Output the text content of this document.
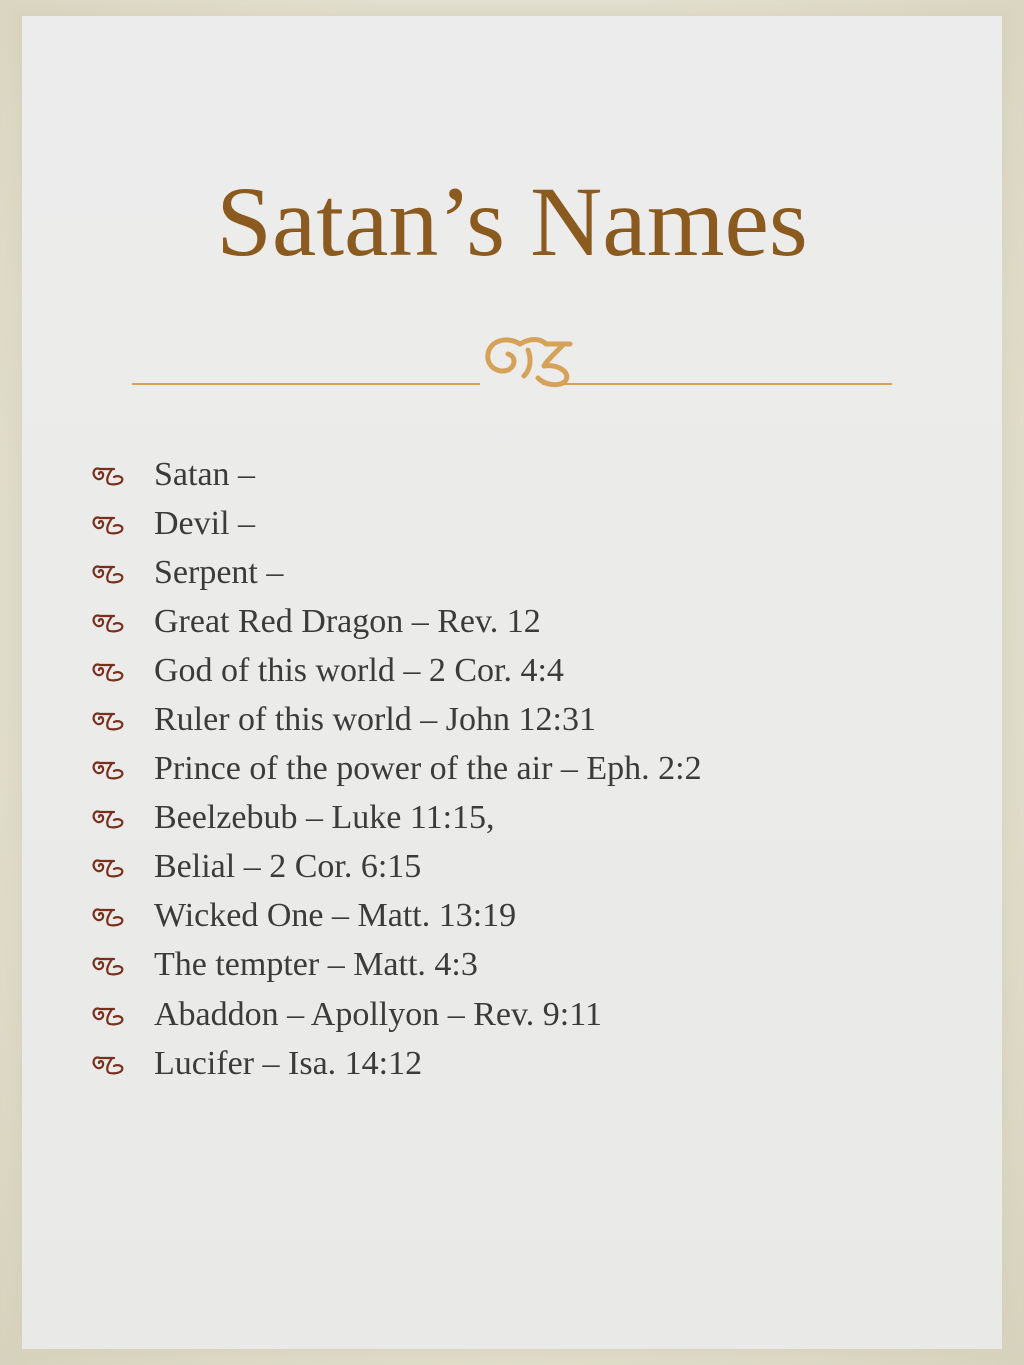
Satan’s Names
Satan –
Devil –
Serpent –
Great Red Dragon – Rev. 12
God of this world – 2 Cor. 4:4
Ruler of this world – John 12:31
Prince of the power of the air – Eph. 2:2
Beelzebub – Luke 11:15,
Belial – 2 Cor. 6:15
Wicked One – Matt. 13:19
The tempter – Matt. 4:3
Abaddon – Apollyon – Rev. 9:11
Lucifer – Isa. 14:12
